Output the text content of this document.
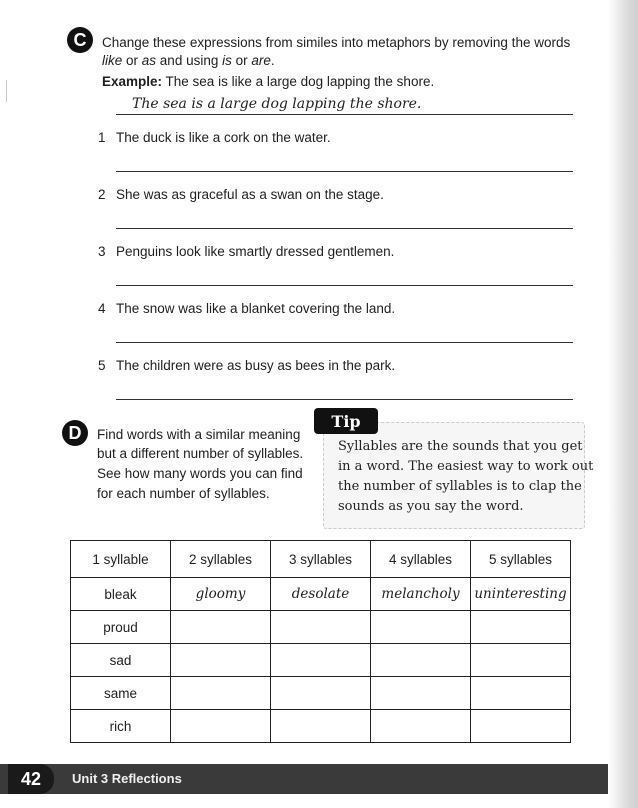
C	Change these expressions from similes into metaphors by removing the words
like or as and using is or are.
Example: The sea is like a large dog lapping the shore.
The sea is a large dog lapping the shore.
1 The duck is like a cork on the water.
2 She was as graceful as a swan on the stage.
3 Penguins look like smartly dressed gentlemen.
4 The snow was like a blanket covering the land.
5 The children were as busy as bees in the park.
D	Find words with a similar meaning
but a different number of syllables.
See how many words you can find
for each number of syllables.
Tip
Syllables are the sounds that you get
in a word. The easiest way to work out
the number of syllables is to clap the
sounds as you say the word.
1 syllable	2 syllables	3 syllables	4 syllables	5 syllables
bleak	gloomy	desolate	melancholy	uninteresting
proud				
sad				
same				
rich				
42	Unit 3 Reflections
